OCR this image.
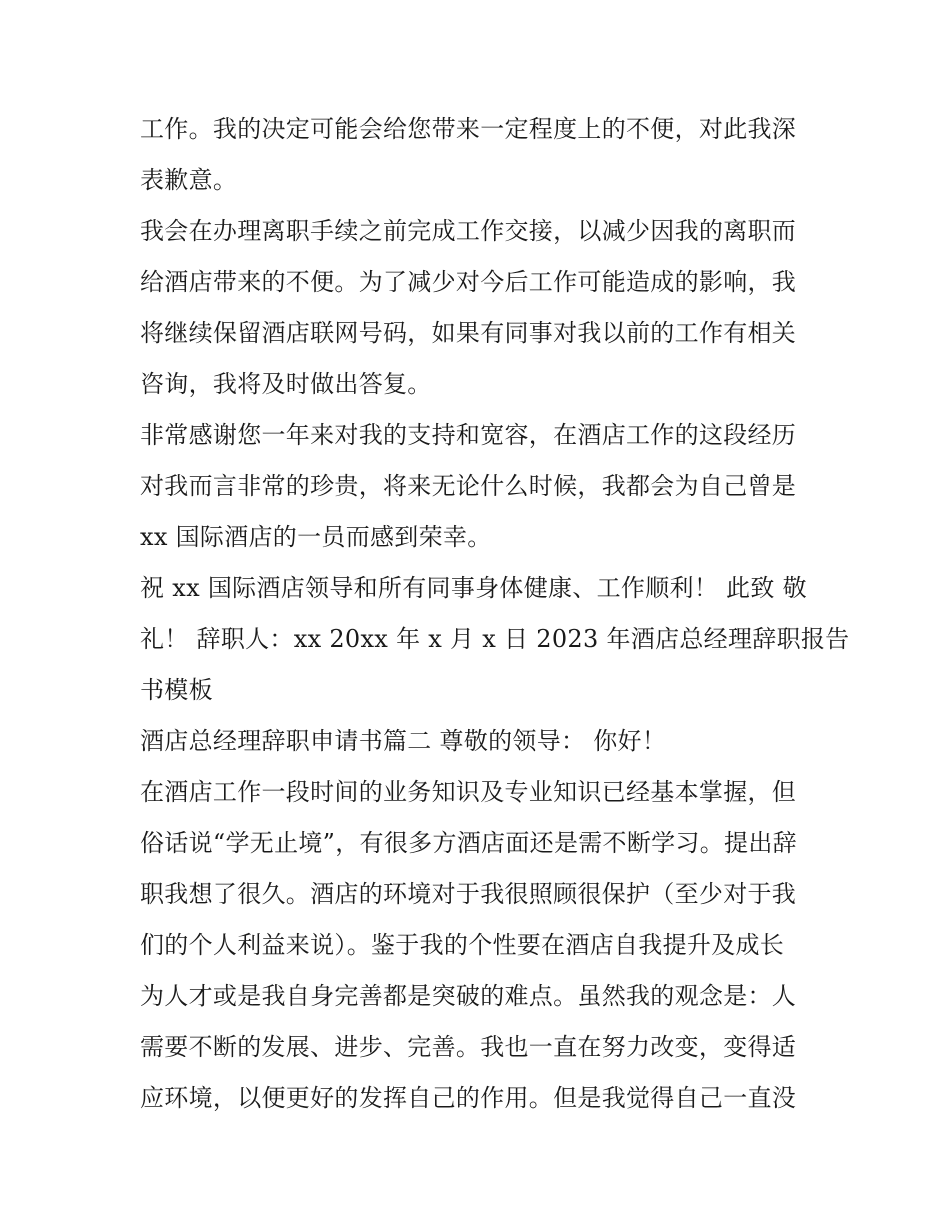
工作。我的决定可能会给您带来一定程度上的不便，对此我深
表歉意。
我会在办理离职手续之前完成工作交接，以减少因我的离职而
给酒店带来的不便。为了减少对今后工作可能造成的影响，我
将继续保留酒店联网号码，如果有同事对我以前的工作有相关
咨询，我将及时做出答复。
非常感谢您一年来对我的支持和宽容，在酒店工作的这段经历
对我而言非常的珍贵，将来无论什么时候，我都会为自己曾是
xx 国际酒店的一员而感到荣幸。
祝 xx 国际酒店领导和所有同事身体健康、工作顺利！ 此致 敬
礼！ 辞职人：xx 20xx 年 x 月 x 日 2023 年酒店总经理辞职报告
书模板
酒店总经理辞职申请书篇二 尊敬的领导： 你好！
在酒店工作一段时间的业务知识及专业知识已经基本掌握，但
俗话说“学无止境”，有很多方酒店面还是需不断学习。提出辞
职我想了很久。酒店的环境对于我很照顾很保护（至少对于我
们的个人利益来说）。鉴于我的个性要在酒店自我提升及成长
为人才或是我自身完善都是突破的难点。虽然我的观念是：人
需要不断的发展、进步、完善。我也一直在努力改变，变得适
应环境，以便更好的发挥自己的作用。但是我觉得自己一直没
